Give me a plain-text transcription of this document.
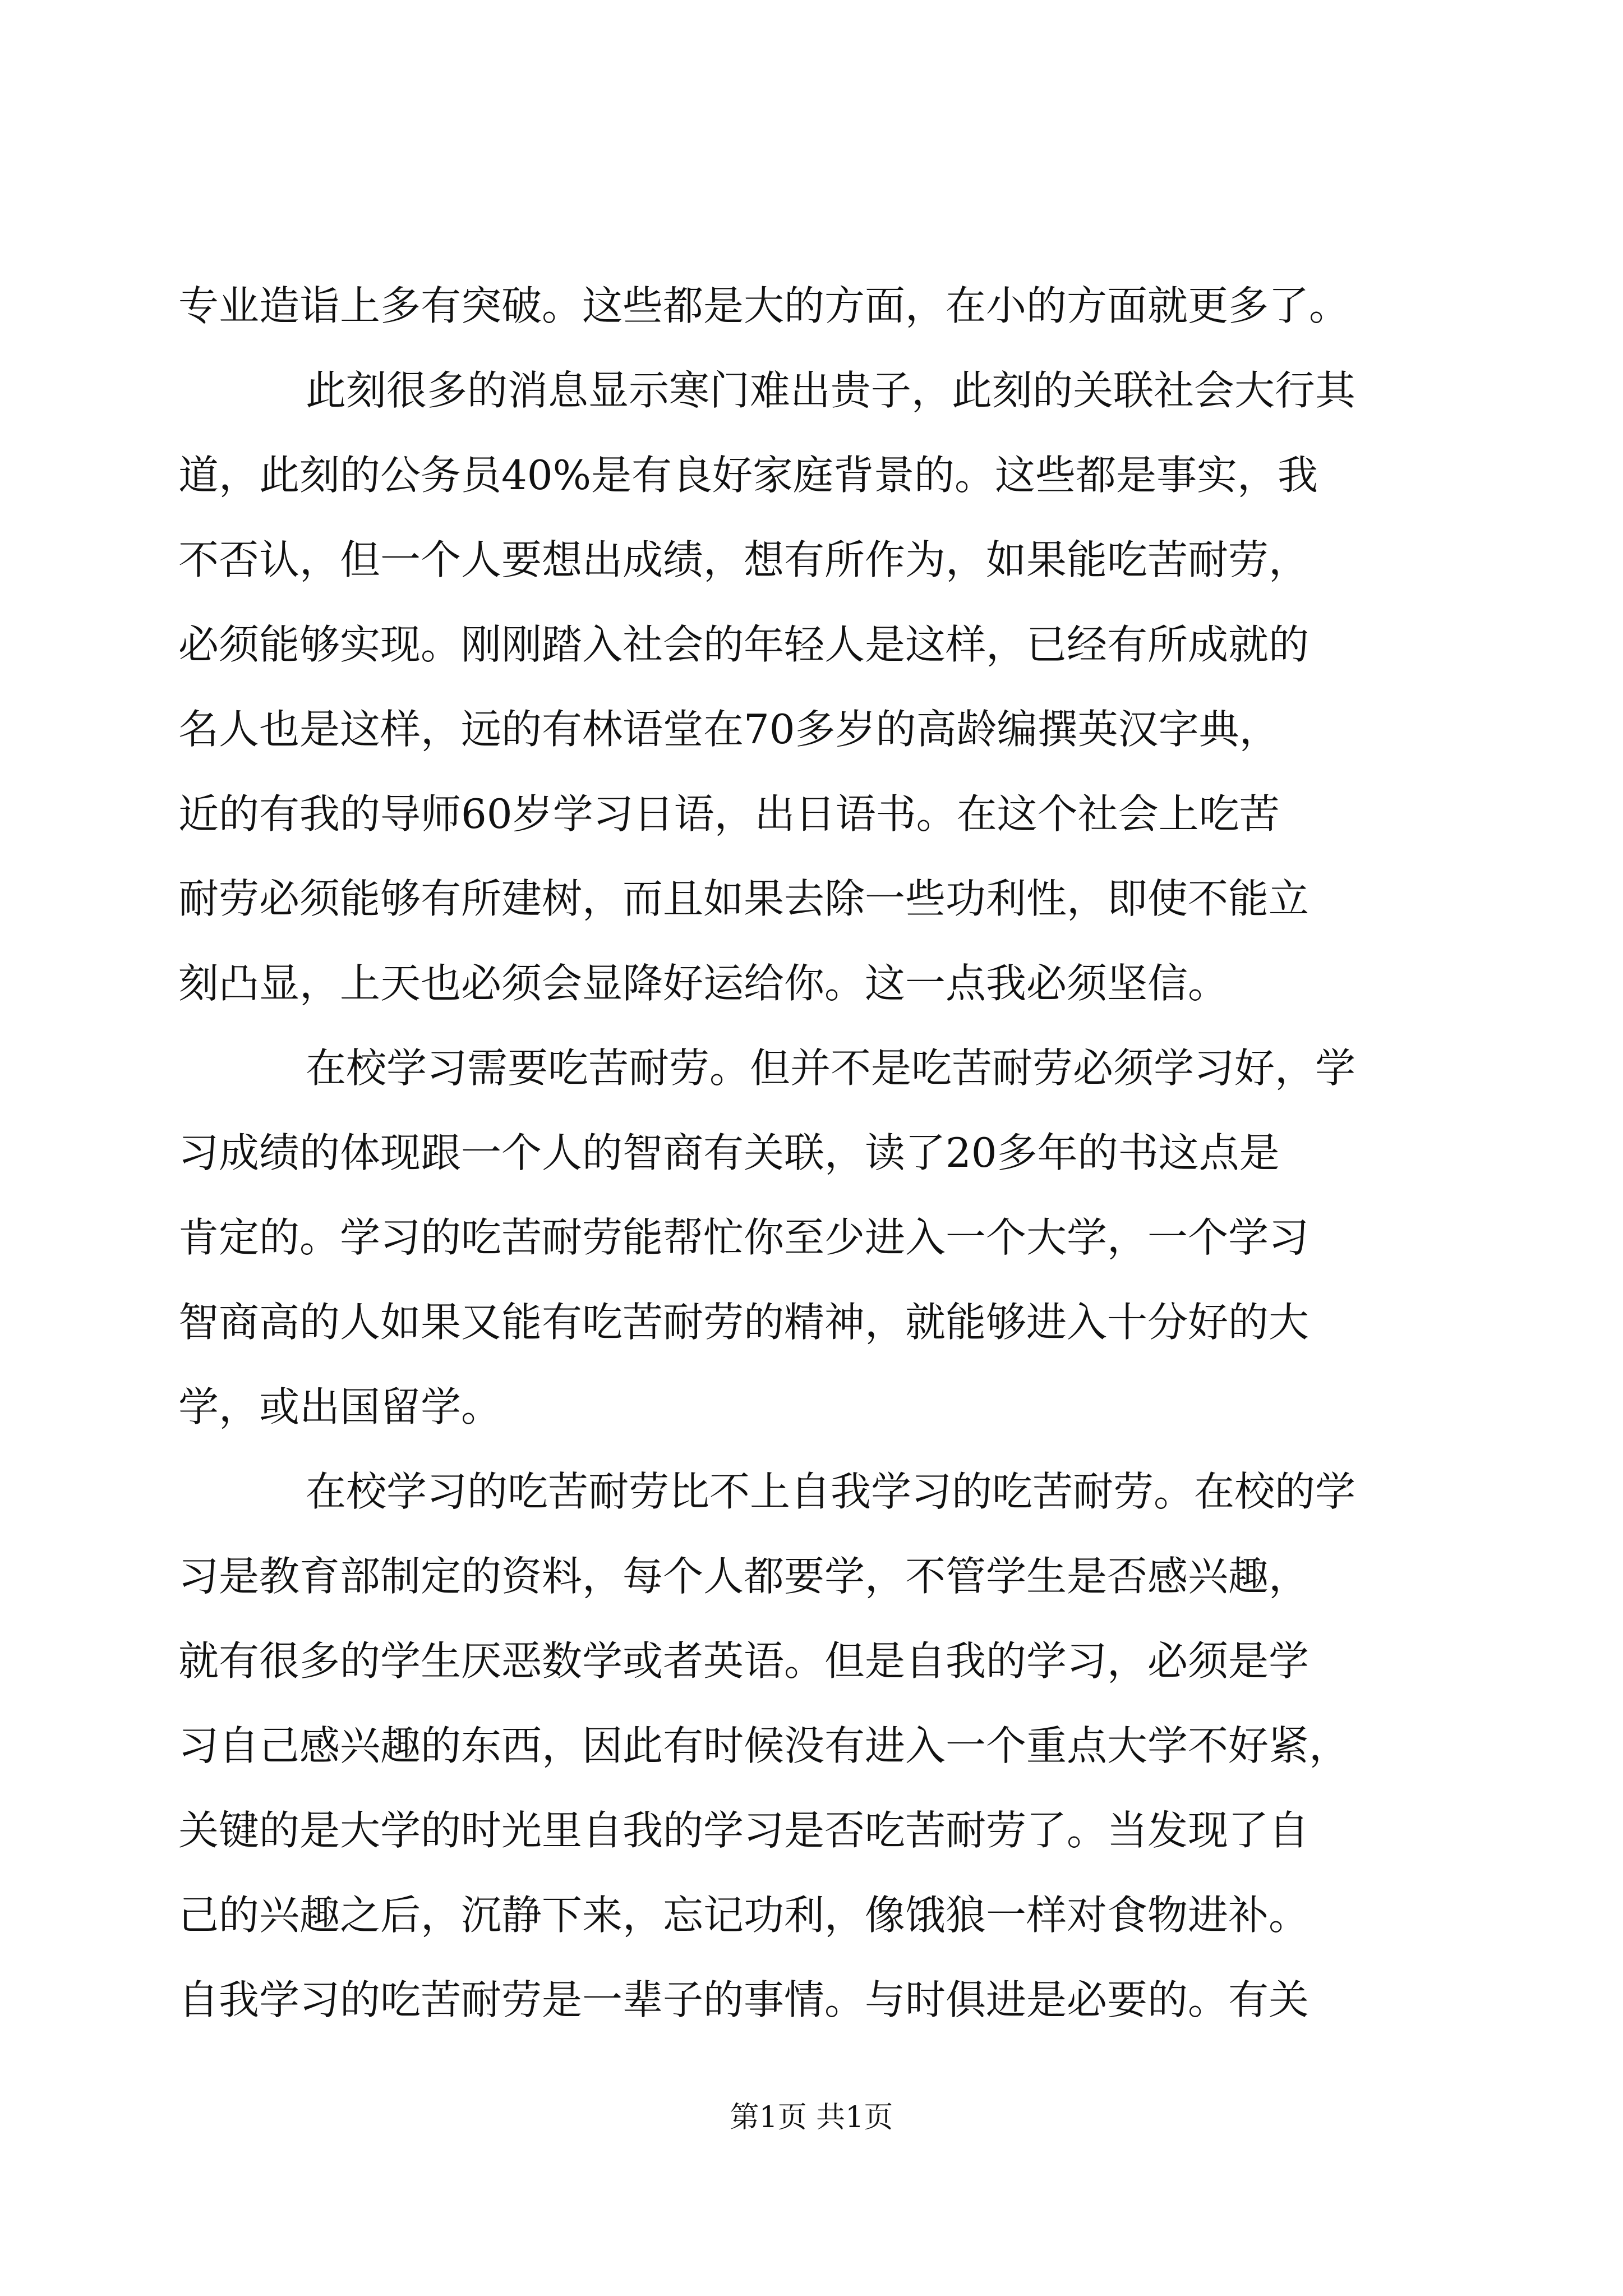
专业造诣上多有突破。这些都是大的方面，在小的方面就更多了。
此刻很多的消息显示寒门难出贵子，此刻的关联社会大行其
道，此刻的公务员40%是有良好家庭背景的。这些都是事实，我
不否认，但一个人要想出成绩，想有所作为，如果能吃苦耐劳，
必须能够实现。刚刚踏入社会的年轻人是这样，已经有所成就的
名人也是这样，远的有林语堂在70多岁的高龄编撰英汉字典，
近的有我的导师60岁学习日语，出日语书。在这个社会上吃苦
耐劳必须能够有所建树，而且如果去除一些功利性，即使不能立
刻凸显，上天也必须会显降好运给你。这一点我必须坚信。
在校学习需要吃苦耐劳。但并不是吃苦耐劳必须学习好，学
习成绩的体现跟一个人的智商有关联，读了20多年的书这点是
肯定的。学习的吃苦耐劳能帮忙你至少进入一个大学，一个学习
智商高的人如果又能有吃苦耐劳的精神，就能够进入十分好的大
学，或出国留学。
在校学习的吃苦耐劳比不上自我学习的吃苦耐劳。在校的学
习是教育部制定的资料，每个人都要学，不管学生是否感兴趣，
就有很多的学生厌恶数学或者英语。但是自我的学习，必须是学
习自己感兴趣的东西，因此有时候没有进入一个重点大学不好紧，
关键的是大学的时光里自我的学习是否吃苦耐劳了。当发现了自
己的兴趣之后，沉静下来，忘记功利，像饿狼一样对食物进补。
自我学习的吃苦耐劳是一辈子的事情。与时俱进是必要的。有关
第1页 共1页
